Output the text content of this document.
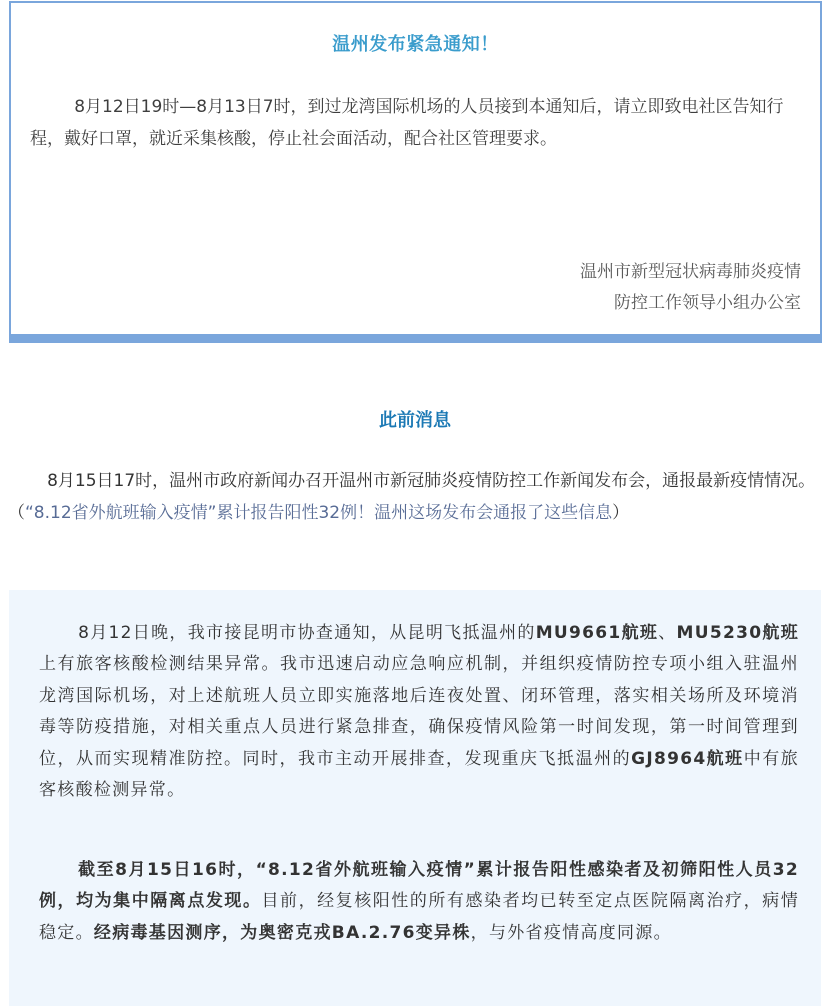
温州发布紧急通知！

8月12日19时—8月13日7时，到过龙湾国际机场的人员接到本通知后，请立即致电社区告知行程，戴好口罩，就近采集核酸，停止社会面活动，配合社区管理要求。

温州市新型冠状病毒肺炎疫情
防控工作领导小组办公室
此前消息

8月15日17时，温州市政府新闻办召开温州市新冠肺炎疫情防控工作新闻发布会，通报最新疫情情况。 （“8.12省外航班输入疫情”累计报告阳性32例！温州这场发布会通报了这些信息）

8月12日晚，我市接昆明市协查通知，从昆明飞抵温州的MU9661航班、MU5230航班上有旅客核酸检测结果异常。我市迅速启动应急响应机制，并组织疫情防控专项小组入驻温州龙湾国际机场，对上述航班人员立即实施落地后连夜处置、闭环管理，落实相关场所及环境消毒等防疫措施，对相关重点人员进行紧急排查，确保疫情风险第一时间发现，第一时间管理到位，从而实现精准防控。同时，我市主动开展排查，发现重庆飞抵温州的GJ8964航班中有旅客核酸检测异常。

截至8月15日16时，“8.12省外航班输入疫情”累计报告阳性感染者及初筛阳性人员32例，均为集中隔离点发现。目前，经复核阳性的所有感染者均已转至定点医院隔离治疗，病情稳定。经病毒基因测序，为奥密克戎BA.2.76变异株，与外省疫情高度同源。
